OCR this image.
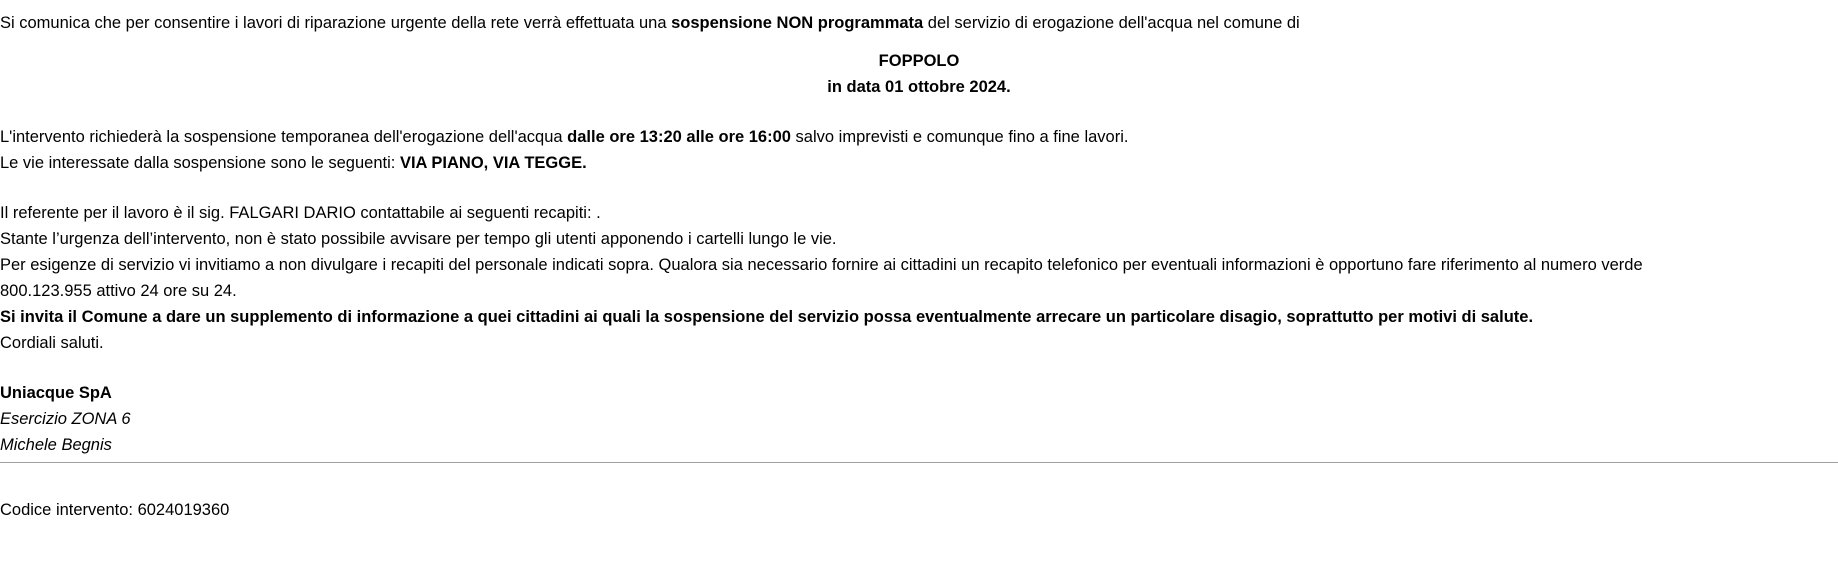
Si comunica che per consentire i lavori di riparazione urgente della rete verrà effettuata una sospensione NON programmata del servizio di erogazione dell'acqua nel comune di
FOPPOLO
in data 01 ottobre 2024.
L'intervento richiederà la sospensione temporanea dell'erogazione dell'acqua dalle ore 13:20 alle ore 16:00 salvo imprevisti e comunque fino a fine lavori.
Le vie interessate dalla sospensione sono le seguenti: VIA PIANO, VIA TEGGE.
Il referente per il lavoro è il sig. FALGARI DARIO contattabile ai seguenti recapiti: .
Stante l’urgenza dell’intervento, non è stato possibile avvisare per tempo gli utenti apponendo i cartelli lungo le vie.
Per esigenze di servizio vi invitiamo a non divulgare i recapiti del personale indicati sopra. Qualora sia necessario fornire ai cittadini un recapito telefonico per eventuali informazioni è opportuno fare riferimento al numero verde
800.123.955 attivo 24 ore su 24.
Si invita il Comune a dare un supplemento di informazione a quei cittadini ai quali la sospensione del servizio possa eventualmente arrecare un particolare disagio, soprattutto per motivi di salute.
Cordiali saluti.
Uniacque SpA
Esercizio ZONA 6
Michele Begnis
Codice intervento: 6024019360
